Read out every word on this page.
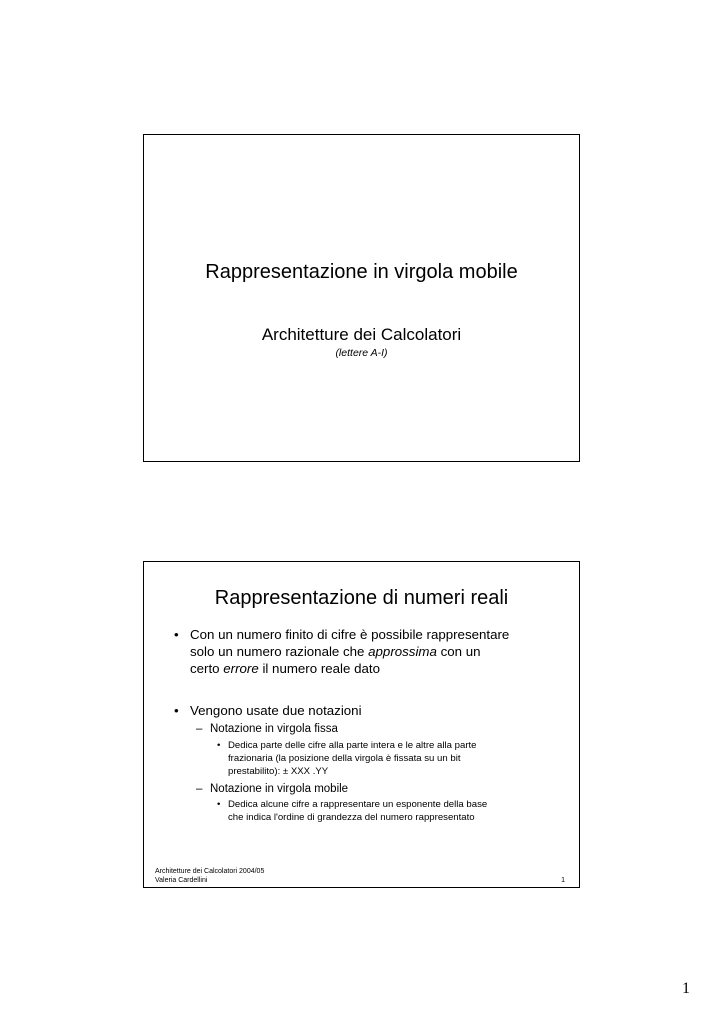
Rappresentazione in virgola mobile
Architetture dei Calcolatori
(lettere A-I)
Rappresentazione di numeri reali
• Con un numero finito di cifre è possibile rappresentare
solo un numero razionale che approssima con un
certo errore il numero reale dato
• Vengono usate due notazioni
– Notazione in virgola fissa
• Dedica parte delle cifre alla parte intera e le altre alla parte
frazionaria (la posizione della virgola è fissata su un bit
prestabilito): ± XXX .YY
– Notazione in virgola mobile
• Dedica alcune cifre a rappresentare un esponente della base
che indica l'ordine di grandezza del numero rappresentato
Architetture dei Calcolatori 2004/05
Valeria Cardellini	1
1
